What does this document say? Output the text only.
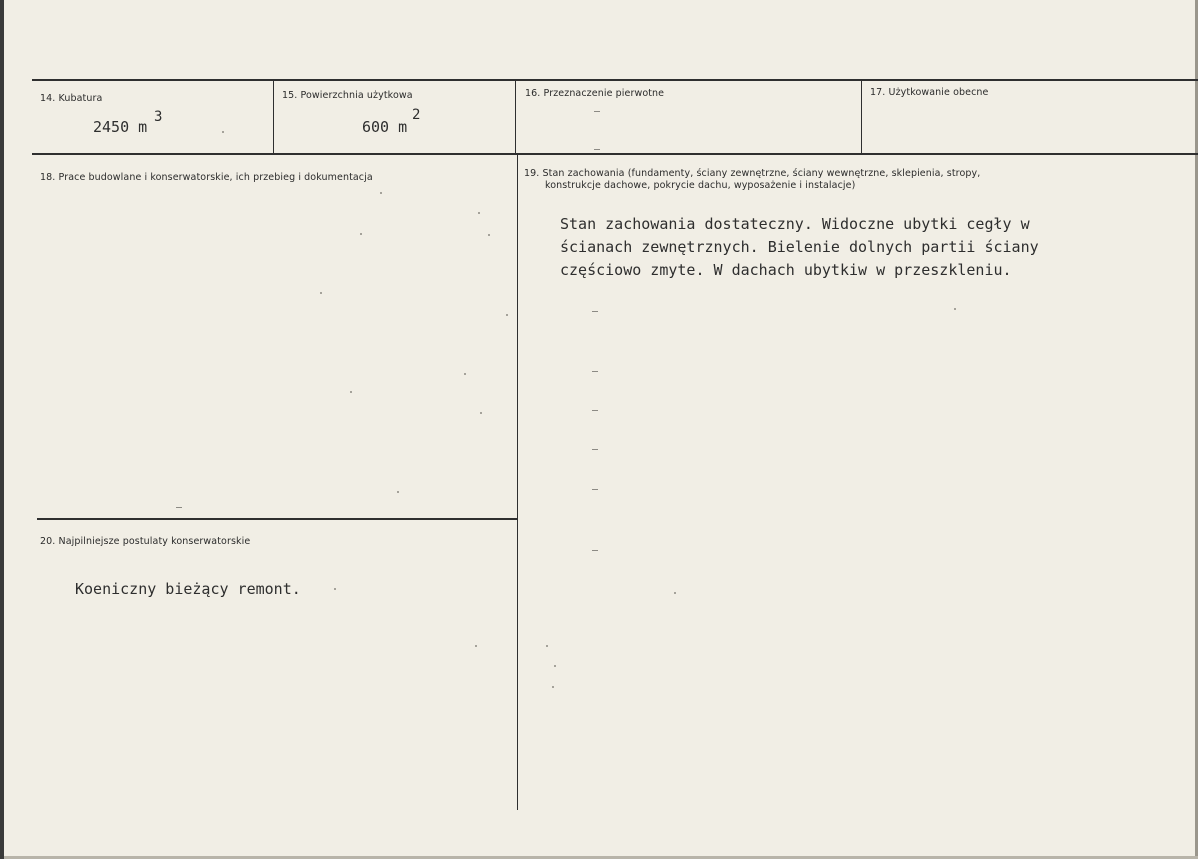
14. Kubatura
2450 m
3
15. Powierzchnia użytkowa
600 m
2
16. Przeznaczenie pierwotne	17. Użytkowanie obecne
18. Prace budowlane i konserwatorskie, ich przebieg i dokumentacja	19. Stan zachowania (fundamenty, ściany zewnętrzne, ściany wewnętrzne, sklepienia, stropy,
konstrukcje dachowe, pokrycie dachu, wyposażenie i instalacje)
Stan zachowania dostateczny. Widoczne ubytki cegły w
ścianach zewnętrznych. Bielenie dolnych partii ściany
częściowo zmyte. W dachach ubytkiw w przeszkleniu.
20. Najpilniejsze postulaty konserwatorskie
Koeniczny bieżący remont.
